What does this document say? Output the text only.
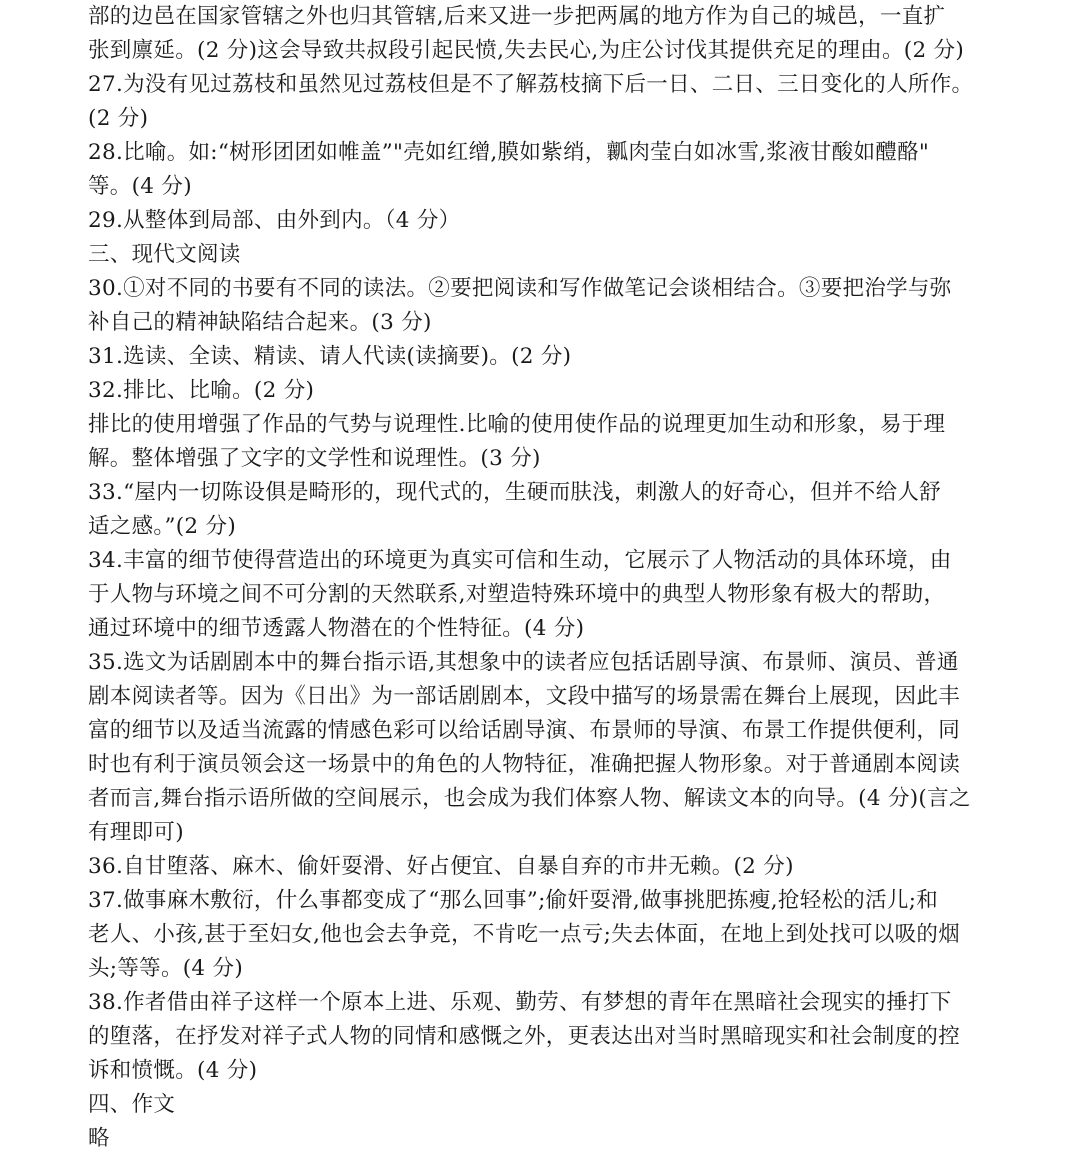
部的边邑在国家管辖之外也归其管辖,后来又进一步把两属的地方作为自己的城邑，一直扩
张到廪延。(2 分)这会导致共叔段引起民愤,失去民心,为庄公讨伐其提供充足的理由。(2 分)
27.为没有见过荔枝和虽然见过荔枝但是不了解荔枝摘下后一日、二日、三日变化的人所作。
(2 分)
28.比喻。如:“树形团团如帷盖”"壳如红缯,膜如紫绡，瓤肉莹白如冰雪,浆液甘酸如醴酪"
等。(4 分)
29.从整体到局部、由外到内。（4 分）
三、现代文阅读
30.①对不同的书要有不同的读法。②要把阅读和写作做笔记会谈相结合。③要把治学与弥
补自己的精神缺陷结合起来。(3 分)
31.选读、全读、精读、请人代读(读摘要)。(2 分)
32.排比、比喻。(2 分)
排比的使用增强了作品的气势与说理性.比喻的使用使作品的说理更加生动和形象，易于理
解。整体增强了文字的文学性和说理性。(3 分)
33.“屋内一切陈设俱是畸形的，现代式的，生硬而肤浅，刺激人的好奇心，但并不给人舒
适之感。”(2 分)
34.丰富的细节使得营造出的环境更为真实可信和生动，它展示了人物活动的具体环境，由
于人物与环境之间不可分割的天然联系,对塑造特殊环境中的典型人物形象有极大的帮助，
通过环境中的细节透露人物潜在的个性特征。(4 分)
35.选文为话剧剧本中的舞台指示语,其想象中的读者应包括话剧导演、布景师、演员、普通
剧本阅读者等。因为《日出》为一部话剧剧本，文段中描写的场景需在舞台上展现，因此丰
富的细节以及适当流露的情感色彩可以给话剧导演、布景师的导演、布景工作提供便利，同
时也有利于演员领会这一场景中的角色的人物特征，准确把握人物形象。对于普通剧本阅读
者而言,舞台指示语所做的空间展示，也会成为我们体察人物、解读文本的向导。(4 分)(言之
有理即可)
36.自甘堕落、麻木、偷奸耍滑、好占便宜、自暴自弃的市井无赖。(2 分)
37.做事麻木敷衍，什么事都变成了“那么回事”;偷奸耍滑,做事挑肥拣瘦,抢轻松的活儿;和
老人、小孩,甚于至妇女,他也会去争竞，不肯吃一点亏;失去体面，在地上到处找可以吸的烟
头;等等。(4 分)
38.作者借由祥子这样一个原本上进、乐观、勤劳、有梦想的青年在黑暗社会现实的捶打下
的堕落，在抒发对祥子式人物的同情和感慨之外，更表达出对当时黑暗现实和社会制度的控
诉和愤慨。(4 分)
四、作文
略
